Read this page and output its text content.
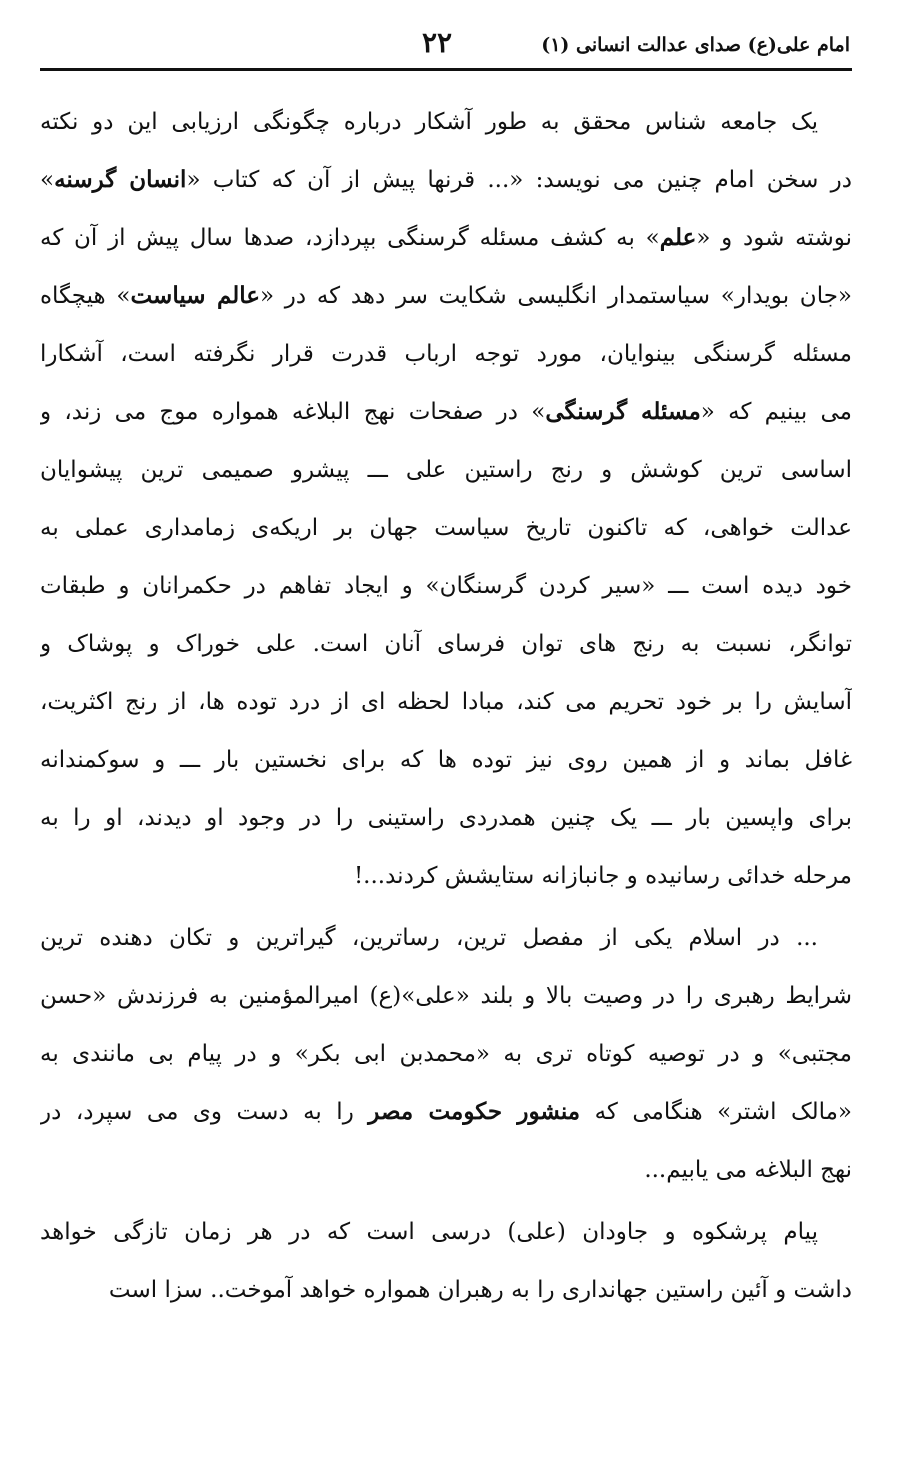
امام علی(ع) صدای عدالت انسانی (۱)
۲۲
یک جامعه شناس محقق به طور آشکار درباره چگونگی ارزیابی این دو نکته
در سخن امام چنین می نویسد: «... قرنها پیش از آن که کتاب «انسان گرسنه»
نوشته شود و «علم» به کشف مسئله گرسنگی بپردازد، صدها سال پیش از آن که
«جان بویدار» سیاستمدار انگلیسی شکایت سر دهد که در «عالم سیاست» هیچگاه
مسئله گرسنگی بینوایان، مورد توجه ارباب قدرت قرار نگرفته است، آشکارا
می بینیم که «مسئله گرسنگی» در صفحات نهج البلاغه همواره موج می زند، و
اساسی ترین کوشش و رنج راستین علی ـــ پیشرو صمیمی ترین پیشوایان
عدالت خواهی، که تاکنون تاریخ سیاست جهان بر اریکه‌ی زمامداری عملی به
خود دیده است ـــ «سیر کردن گرسنگان» و ایجاد تفاهم در حکمرانان و طبقات
توانگر، نسبت به رنج های توان فرسای آنان است. علی خوراک و پوشاک و
آسایش را بر خود تحریم می کند، مبادا لحظه ای از درد توده ها، از رنج اکثریت،
غافل بماند و از همین روی نیز توده ها که برای نخستین بار ـــ و سوکمندانه
برای واپسین بار ـــ یک چنین همدردی راستینی را در وجود او دیدند، او را به
مرحله خدائی رسانیده و جانبازانه ستایشش کردند...!
... در اسلام یکی از مفصل ترین، رساترین، گیراترین و تکان دهنده ترین
شرایط رهبری را در وصیت بالا و بلند «علی»(ع) امیرالمؤمنین به فرزندش «حسن
مجتبی» و در توصیه کوتاه تری به «محمدبن ابی بکر» و در پیام بی مانندی به
«مالک اشتر» هنگامی که منشور حکومت مصر را به دست وی می سپرد، در
نهج البلاغه می یابیم...
پیام پرشکوه و جاودان (علی) درسی است که در هر زمان تازگی خواهد
داشت و آئین راستین جهانداری را به رهبران همواره خواهد آموخت.. سزا است
